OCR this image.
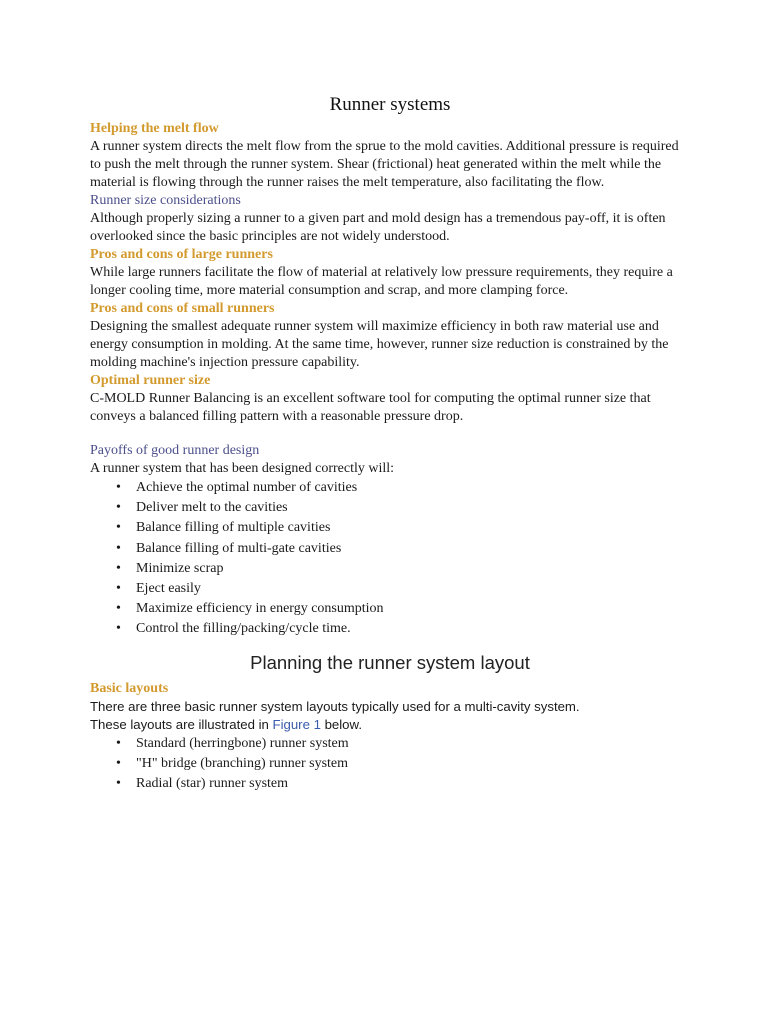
Runner systems
Helping the melt flow

A runner system directs the melt flow from the sprue to the mold cavities. Additional pressure is required to push the melt through the runner system. Shear (frictional) heat generated within the melt while the material is flowing through the runner raises the melt temperature, also facilitating the flow.

Runner size considerations

Although properly sizing a runner to a given part and mold design has a tremendous pay-off, it is often overlooked since the basic principles are not widely understood.

Pros and cons of large runners

While large runners facilitate the flow of material at relatively low pressure requirements, they require a longer cooling time, more material consumption and scrap, and more clamping force.

Pros and cons of small runners

Designing the smallest adequate runner system will maximize efficiency in both raw material use and energy consumption in molding. At the same time, however, runner size reduction is constrained by the molding machine's injection pressure capability.

Optimal runner size

C-MOLD Runner Balancing is an excellent software tool for computing the optimal runner size that conveys a balanced filling pattern with a reasonable pressure drop.

Payoffs of good runner design

A runner system that has been designed correctly will:

• Achieve the optimal number of cavities
• Deliver melt to the cavities
• Balance filling of multiple cavities
• Balance filling of multi-gate cavities
• Minimize scrap
• Eject easily
• Maximize efficiency in energy consumption
• Control the filling/packing/cycle time.
Planning the runner system layout
Basic layouts

There are three basic runner system layouts typically used for a multi-cavity system.

These layouts are illustrated in Figure 1 below.

• Standard (herringbone) runner system
• "H" bridge (branching) runner system
• Radial (star) runner system
